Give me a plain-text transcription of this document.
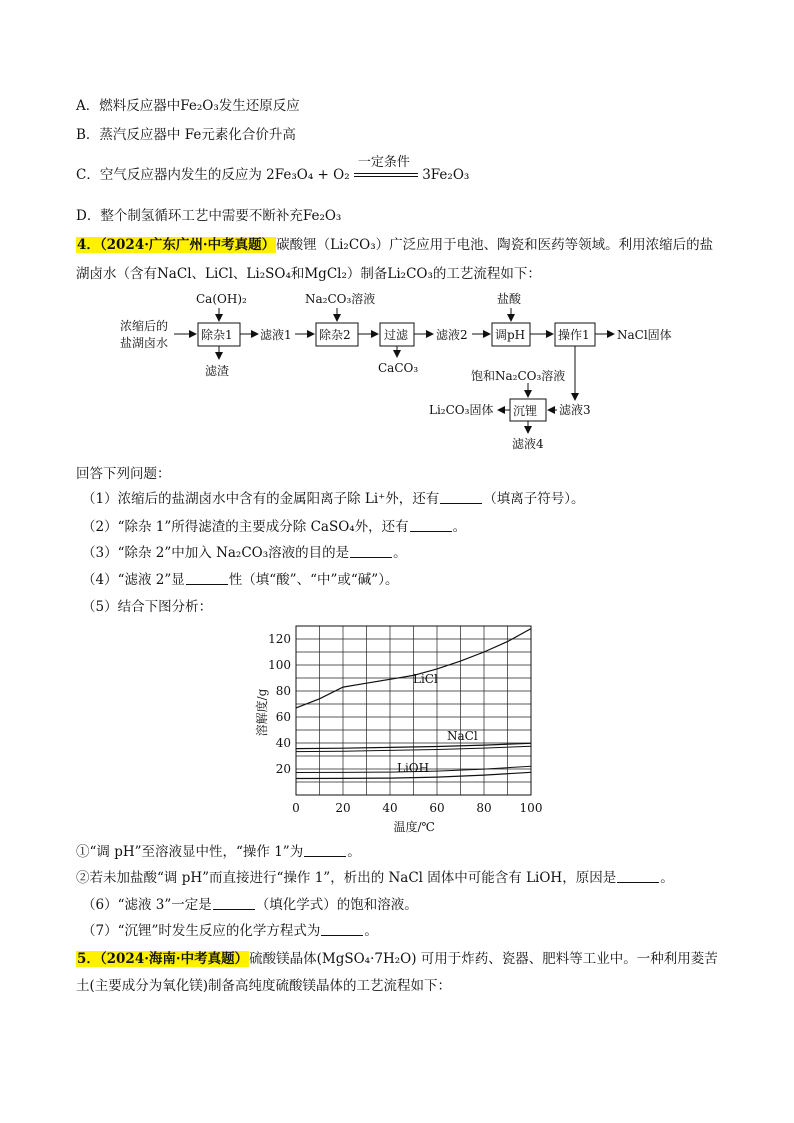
A．燃料反应器中Fe₂O₃发生还原反应
B．蒸汽反应器中 Fe元素化合价升高
C．空气反应器内发生的反应为 2Fe₃O₄ + O₂
一定条件
3Fe₂O₃
D．整个制氢循环工艺中需要不断补充Fe₂O₃
4．（2024·广东广州·中考真题）碳酸锂（Li₂CO₃）广泛应用于电池、陶瓷和医药等领域。利用浓缩后的盐
湖卤水（含有NaCl、LiCl、Li₂SO₄和MgCl₂）制备Li₂CO₃的工艺流程如下：
浓缩后的
盐湖卤水
Ca(OH)₂
除杂1
滤渣
滤液1
Na₂CO₃溶液
除杂2	过滤
CaCO₃
滤液2
盐酸
调pH	操作1 NaCl固体
饱和Na₂CO₃溶液
滤液3
沉锂
Li₂CO₃固体
滤液4
回答下列问题：
（1）浓缩后的盐湖卤水中含有的金属阳离子除 Li⁺外，还有	（填离子符号）。
（2）“除杂 1”所得滤渣的主要成分除 CaSO₄外，还有	。
（3）“除杂 2”中加入 Na₂CO₃溶液的目的是	。
（4）“滤液 2”显	性（填“酸”、“中”或“碱”）。
（5）结合下图分析：
0	20	40	60	80 100
20
40
60
80
100
120
温度/℃
溶解度/g
LiCl
NaCl
LiOH
①“调 pH”至溶液显中性，“操作 1”为	。
②若未加盐酸“调 pH”而直接进行“操作 1”，析出的 NaCl 固体中可能含有 LiOH，原因是	。
（6）“滤液 3”一定是	（填化学式）的饱和溶液。
（7）“沉锂”时发生反应的化学方程式为	。
5．（2024·海南·中考真题）硫酸镁晶体(MgSO₄·7H₂O) 可用于炸药、瓷器、肥料等工业中。一种利用菱苦
土(主要成分为氧化镁)制备高纯度硫酸镁晶体的工艺流程如下：
